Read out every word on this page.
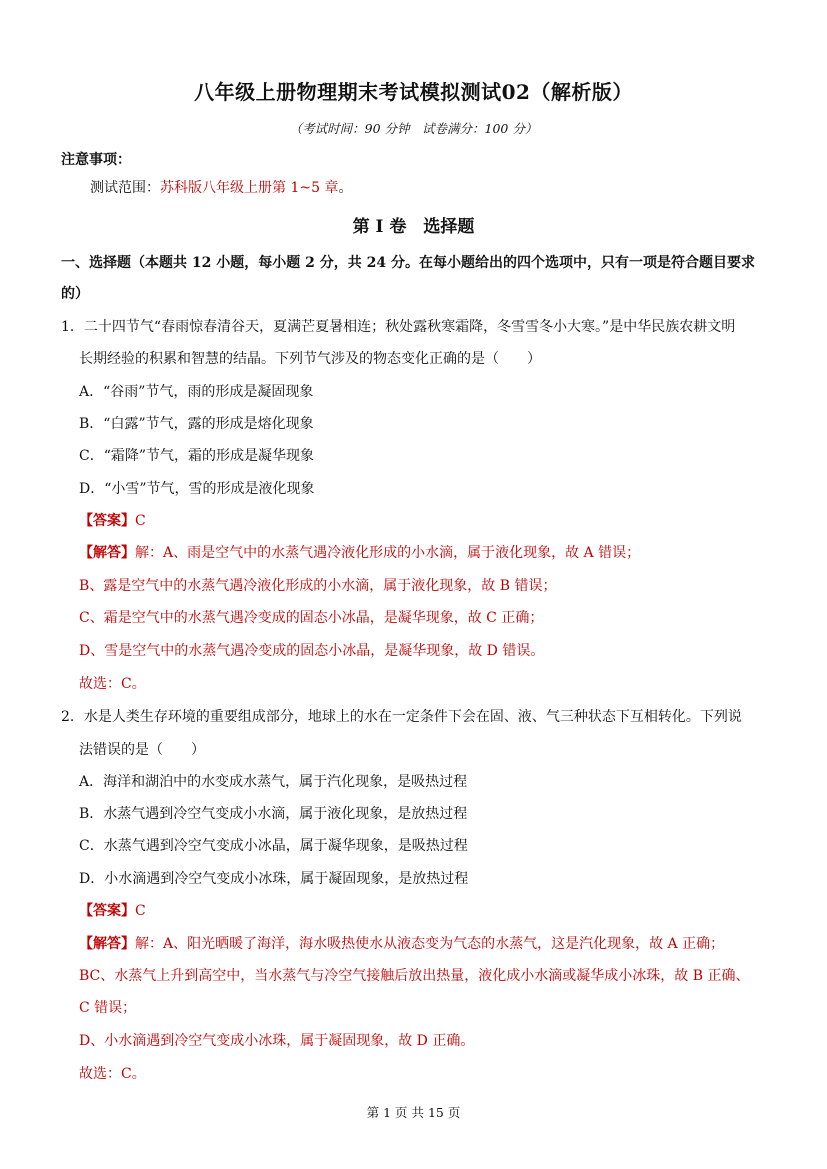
八年级上册物理期末考试模拟测试02（解析版）
（考试时间：90 分钟　试卷满分：100 分）
注意事项：
测试范围：苏科版八年级上册第 1~5 章。
第 I 卷　选择题
一、选择题（本题共 12 小题，每小题 2 分，共 24 分。在每小题给出的四个选项中，只有一项是符合题目要求
的）
1．二十四节气“春雨惊春清谷天，夏满芒夏暑相连；秋处露秋寒霜降，冬雪雪冬小大寒。”是中华民族农耕文明
长期经验的积累和智慧的结晶。下列节气涉及的物态变化正确的是（　　）
A．“谷雨”节气，雨的形成是凝固现象
B．“白露”节气，露的形成是熔化现象
C．“霜降”节气，霜的形成是凝华现象
D．“小雪”节气，雪的形成是液化现象
【答案】C
【解答】解：A、雨是空气中的水蒸气遇冷液化形成的小水滴，属于液化现象，故 A 错误；
B、露是空气中的水蒸气遇冷液化形成的小水滴，属于液化现象，故 B 错误；
C、霜是空气中的水蒸气遇冷变成的固态小冰晶，是凝华现象，故 C 正确；
D、雪是空气中的水蒸气遇冷变成的固态小冰晶，是凝华现象，故 D 错误。
故选：C。
2．水是人类生存环境的重要组成部分，地球上的水在一定条件下会在固、液、气三种状态下互相转化。下列说
法错误的是（　　）
A．海洋和湖泊中的水变成水蒸气，属于汽化现象，是吸热过程
B．水蒸气遇到冷空气变成小水滴，属于液化现象，是放热过程
C．水蒸气遇到冷空气变成小冰晶，属于凝华现象，是吸热过程
D．小水滴遇到冷空气变成小冰珠，属于凝固现象，是放热过程
【答案】C
【解答】解：A、阳光晒暖了海洋，海水吸热使水从液态变为气态的水蒸气，这是汽化现象，故 A 正确；
BC、水蒸气上升到高空中，当水蒸气与冷空气接触后放出热量，液化成小水滴或凝华成小冰珠，故 B 正确、
C 错误；
D、小水滴遇到冷空气变成小冰珠，属于凝固现象，故 D 正确。
故选：C。
第 1 页 共 15 页
